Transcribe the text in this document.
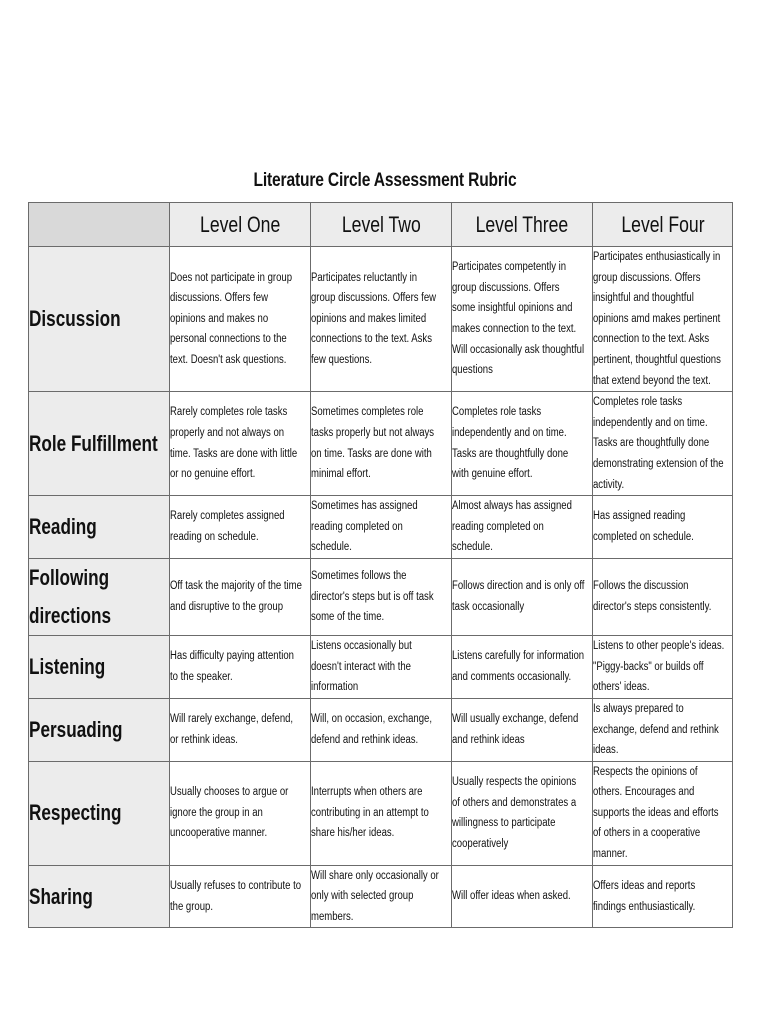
Literature Circle Assessment Rubric
	Level One	Level Two	Level Three	Level Four
Discussion	Does not participate in group discussions. Offers few opinions and makes no personal connections to the text. Doesn't ask questions.	Participates reluctantly in group discussions. Offers few opinions and makes limited connections to the text. Asks few questions.	Participates competently in group discussions. Offers some insightful opinions and makes connection to the text. Will occasionally ask thoughtful questions	Participates enthusiastically in group discussions. Offers insightful and thoughtful opinions amd makes pertinent connection to the text. Asks pertinent, thoughtful questions that extend beyond the text.

Role Fulfillment	Rarely completes role tasks properly and not always on time. Tasks are done with little or no genuine effort.	Sometimes completes role tasks properly but not always on time. Tasks are done with minimal effort.	Completes role tasks independently and on time. Tasks are thoughtfully done with genuine effort.	Completes role tasks independently and on time. Tasks are thoughtfully done demonstrating extension of the activity.

Reading	Rarely completes assigned reading on schedule.	Sometimes has assigned reading completed on schedule.	Almost always has assigned reading completed on schedule.	Has assigned reading completed on schedule.

Following directions	Off task the majority of the time and disruptive to the group	Sometimes follows the director's steps but is off task some of the time.	Follows direction and is only off task occasionally	Follows the discussion director's steps consistently.

Listening	Has difficulty paying attention to the speaker.	Listens occasionally but doesn't interact with the information	Listens carefully for information and comments occasionally.	Listens to other people's ideas. "Piggy-backs" or builds off others' ideas.

Persuading	Will rarely exchange, defend, or rethink ideas.	Will, on occasion, exchange, defend and rethink ideas.	Will usually exchange, defend and rethink ideas	Is always prepared to exchange, defend and rethink ideas.

Respecting	Usually chooses to argue or ignore the group in an uncooperative manner.	Interrupts when others are contributing in an attempt to share his/her ideas.	Usually respects the opinions of others and demonstrates a willingness to participate cooperatively	Respects the opinions of others. Encourages and supports the ideas and efforts of others in a cooperative manner.

Sharing	Usually refuses to contribute to the group.	Will share only occasionally or only with selected group members.	Will offer ideas when asked.	Offers ideas and reports findings enthusiastically.
